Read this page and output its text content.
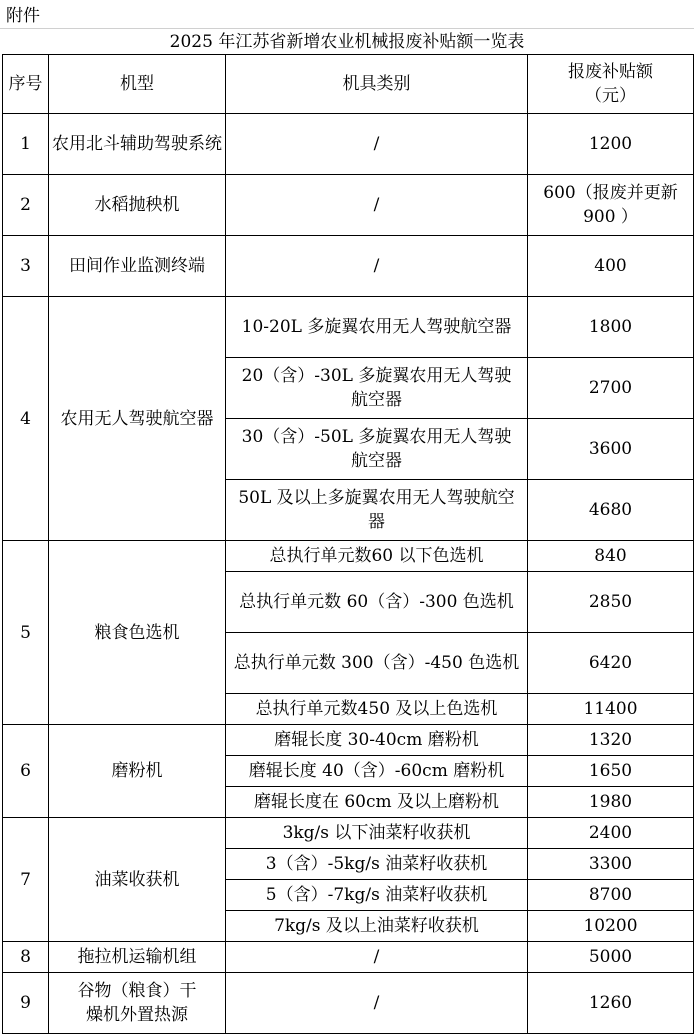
附件
2025 年江苏省新增农业机械报废补贴额一览表
序号	机型	机具类别	报废补贴额（元）
1	农用北斗辅助驾驶系统	/	1200
2	水稻抛秧机	/	600（报废并更新 900 ）
3	田间作业监测终端	/	400
4	农用无人驾驶航空器	10-20L 多旋翼农用无人驾驶航空器	1800
		20（含）-30L 多旋翼农用无人驾驶航空器	2700
		30（含）-50L 多旋翼农用无人驾驶航空器	3600
		50L 及以上多旋翼农用无人驾驶航空器	4680
5	粮食色选机	总执行单元数60 以下色选机	840
		总执行单元数 60（含）-300 色选机	2850
		总执行单元数 300（含）-450 色选机	6420
		总执行单元数450 及以上色选机	11400
6	磨粉机	磨辊长度 30-40cm 磨粉机	1320
		磨辊长度 40（含）-60cm 磨粉机	1650
		磨辊长度在 60cm 及以上磨粉机	1980
7	油菜收获机	3kg/s 以下油菜籽收获机	2400
		3（含）-5kg/s 油菜籽收获机	3300
		5（含）-7kg/s 油菜籽收获机	8700
		7kg/s 及以上油菜籽收获机	10200
8	拖拉机运输机组	/	5000
9	谷物（粮食）干燥机外置热源	/	1260
